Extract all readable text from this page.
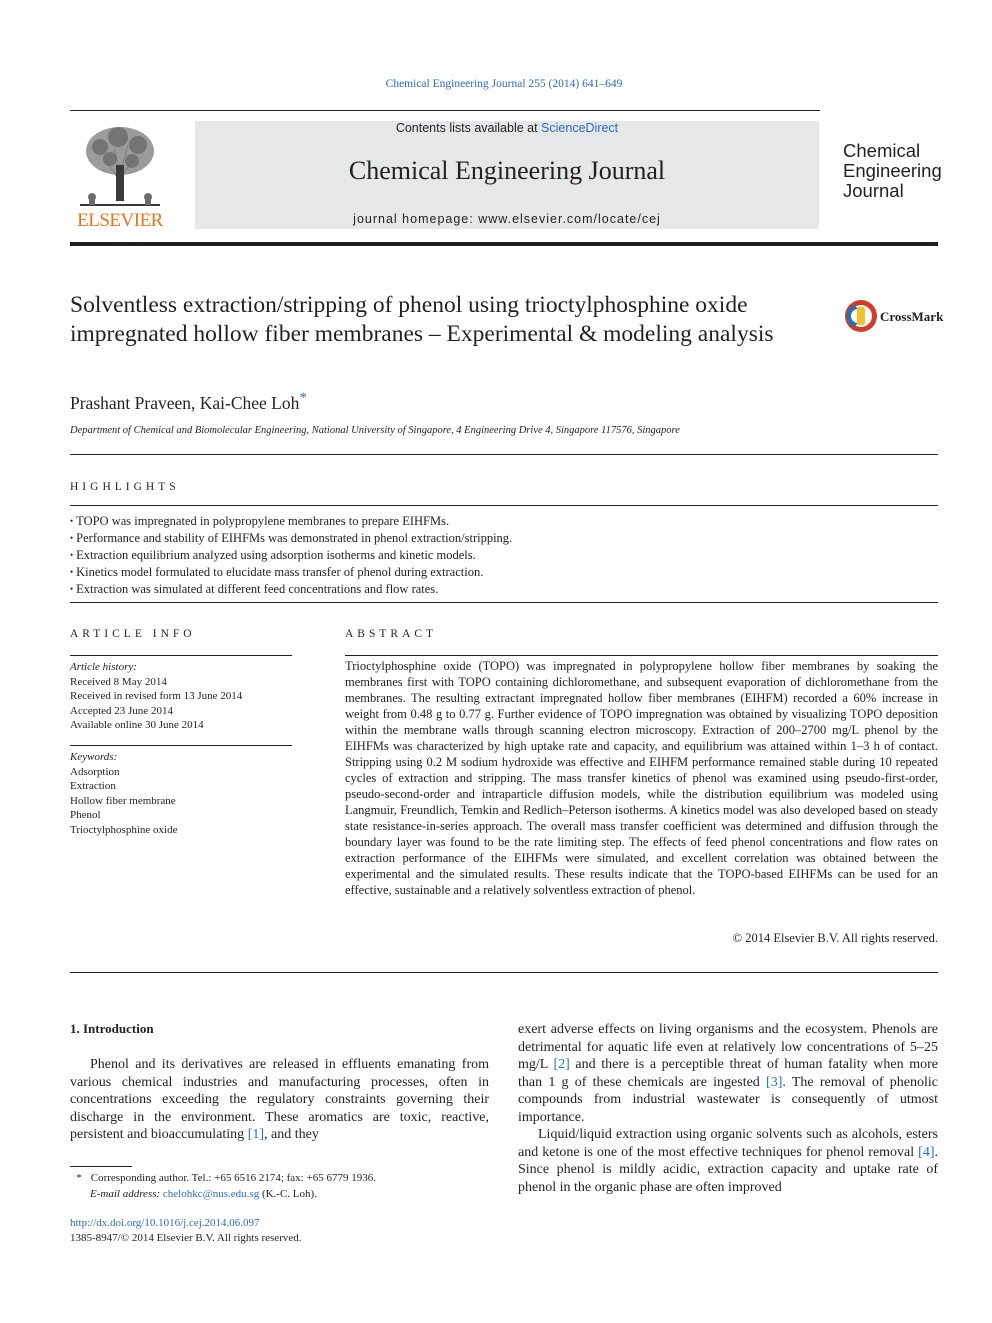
Chemical Engineering Journal 255 (2014) 641–649
ELSEVIER
Contents lists available at ScienceDirect
Chemical Engineering Journal
journal homepage: www.elsevier.com/locate/cej
Chemical
Engineering
Journal
Solventless extraction/stripping of phenol using trioctylphosphine oxide impregnated hollow fiber membranes – Experimental & modeling analysis
CrossMark
Prashant Praveen, Kai-Chee Loh*
Department of Chemical and Biomolecular Engineering, National University of Singapore, 4 Engineering Drive 4, Singapore 117576, Singapore
HIGHLIGHTS
• TOPO was impregnated in polypropylene membranes to prepare EIHFMs.
• Performance and stability of EIHFMs was demonstrated in phenol extraction/stripping.
• Extraction equilibrium analyzed using adsorption isotherms and kinetic models.
• Kinetics model formulated to elucidate mass transfer of phenol during extraction.
• Extraction was simulated at different feed concentrations and flow rates.
ARTICLE INFO
Article history:
Received 8 May 2014
Received in revised form 13 June 2014
Accepted 23 June 2014
Available online 30 June 2014
Keywords:
Adsorption
Extraction
Hollow fiber membrane
Phenol
Trioctylphosphine oxide
ABSTRACT

Trioctylphosphine oxide (TOPO) was impregnated in polypropylene hollow fiber membranes by soaking the membranes first with TOPO containing dichloromethane, and subsequent evaporation of dichloromethane from the membranes. The resulting extractant impregnated hollow fiber membranes (EIHFM) recorded a 60% increase in weight from 0.48 g to 0.77 g. Further evidence of TOPO impregnation was obtained by visualizing TOPO deposition within the membrane walls through scanning electron microscopy. Extraction of 200–2700 mg/L phenol by the EIHFMs was characterized by high uptake rate and capacity, and equilibrium was attained within 1–3 h of contact. Stripping using 0.2 M sodium hydroxide was effective and EIHFM performance remained stable during 10 repeated cycles of extraction and stripping. The mass transfer kinetics of phenol was examined using pseudo-first-order, pseudo-second-order and intraparticle diffusion models, while the distribution equilibrium was modeled using Langmuir, Freundlich, Temkin and Redlich–Peterson isotherms. A kinetics model was also developed based on steady state resistance-in-series approach. The overall mass transfer coefficient was determined and diffusion through the boundary layer was found to be the rate limiting step. The effects of feed phenol concentrations and flow rates on extraction performance of the EIHFMs were simulated, and excellent correlation was obtained between the experimental and the simulated results. These results indicate that the TOPO-based EIHFMs can be used for an effective, sustainable and a relatively solventless extraction of phenol.

© 2014 Elsevier B.V. All rights reserved.
1. Introduction

Phenol and its derivatives are released in effluents emanating from various chemical industries and manufacturing processes, often in concentrations exceeding the regulatory constraints governing their discharge in the environment. These aromatics are toxic, reactive, persistent and bioaccumulating [1], and they

exert adverse effects on living organisms and the ecosystem. Phenols are detrimental for aquatic life even at relatively low concentrations of 5–25 mg/L [2] and there is a perceptible threat of human fatality when more than 1 g of these chemicals are ingested [3]. The removal of phenolic compounds from industrial wastewater is consequently of utmost importance.
Liquid/liquid extraction using organic solvents such as alcohols, esters and ketone is one of the most effective techniques for phenol removal [4]. Since phenol is mildly acidic, extraction capacity and uptake rate of phenol in the organic phase are often improved
* Corresponding author. Tel.: +65 6516 2174; fax: +65 6779 1936.
E-mail address: chelohkc@nus.edu.sg (K.-C. Loh).
http://dx.doi.org/10.1016/j.cej.2014.06.097
1385-8947/© 2014 Elsevier B.V. All rights reserved.
